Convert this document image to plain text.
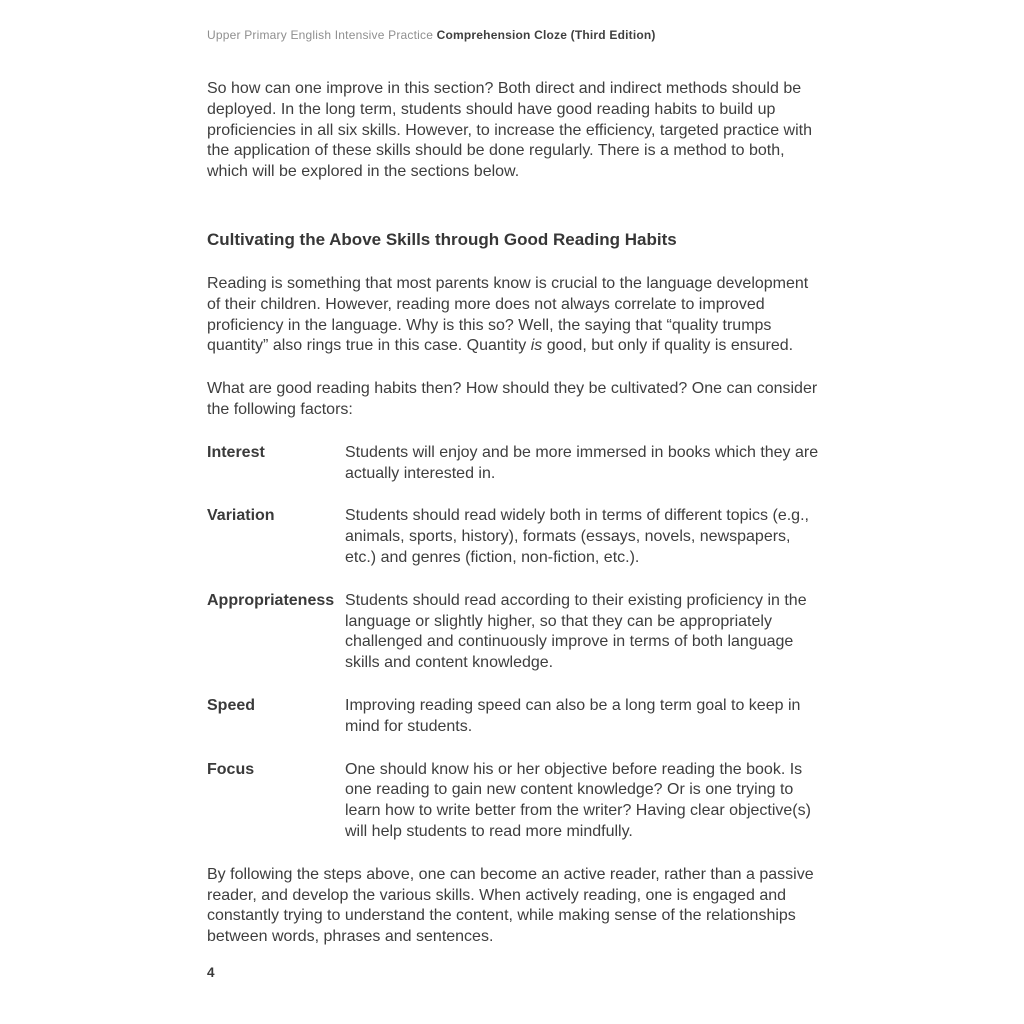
Upper Primary English Intensive Practice Comprehension Cloze (Third Edition)

So how can one improve in this section? Both direct and indirect methods should be deployed. In the long term, students should have good reading habits to build up proficiencies in all six skills. However, to increase the efficiency, targeted practice with the application of these skills should be done regularly. There is a method to both, which will be explored in the sections below.

Cultivating the Above Skills through Good Reading Habits

Reading is something that most parents know is crucial to the language development of their children. However, reading more does not always correlate to improved proficiency in the language. Why is this so? Well, the saying that “quality trumps quantity” also rings true in this case. Quantity is good, but only if quality is ensured.

What are good reading habits then? How should they be cultivated? One can consider the following factors:

Interest	Students will enjoy and be more immersed in books which they are actually interested in.
Variation	Students should read widely both in terms of different topics (e.g., animals, sports, history), formats (essays, novels, newspapers, etc.) and genres (fiction, non-fiction, etc.).
Appropriateness Students should read according to their existing proficiency in the language or slightly higher, so that they can be appropriately challenged and continuously improve in terms of both language skills and content knowledge.
Speed	Improving reading speed can also be a long term goal to keep in mind for students.
Focus	One should know his or her objective before reading the book. Is one reading to gain new content knowledge? Or is one trying to learn how to write better from the writer? Having clear objective(s) will help students to read more mindfully.

By following the steps above, one can become an active reader, rather than a passive reader, and develop the various skills. When actively reading, one is engaged and constantly trying to understand the content, while making sense of the relationships between words, phrases and sentences.

4
